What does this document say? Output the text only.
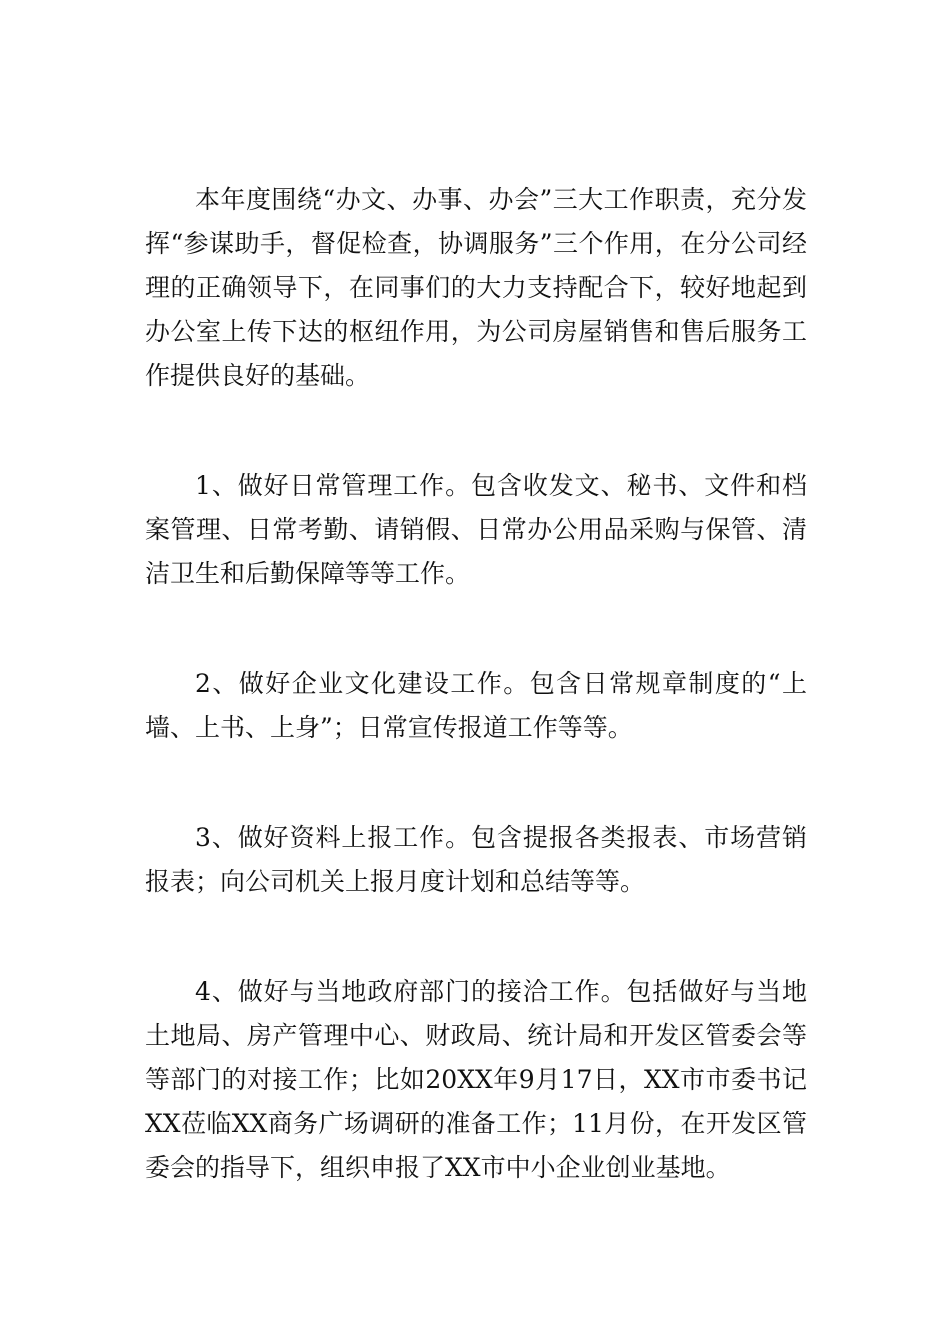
本年度围绕“办文、办事、办会”三大工作职责，充分发挥“参谋助手，督促检查，协调服务”三个作用，在分公司经理的正确领导下，在同事们的大力支持配合下，较好地起到办公室上传下达的枢纽作用，为公司房屋销售和售后服务工作提供良好的基础。

1、做好日常管理工作。包含收发文、秘书、文件和档案管理、日常考勤、请销假、日常办公用品采购与保管、清洁卫生和后勤保障等等工作。

2、做好企业文化建设工作。包含日常规章制度的“上墙、上书、上身”；日常宣传报道工作等等。

3、做好资料上报工作。包含提报各类报表、市场营销报表；向公司机关上报月度计划和总结等等。

4、做好与当地政府部门的接洽工作。包括做好与当地土地局、房产管理中心、财政局、统计局和开发区管委会等等部门的对接工作；比如20XX年9月17日，XX市市委书记XX莅临XX商务广场调研的准备工作；11月份，在开发区管委会的指导下，组织申报了XX市中小企业创业基地。
